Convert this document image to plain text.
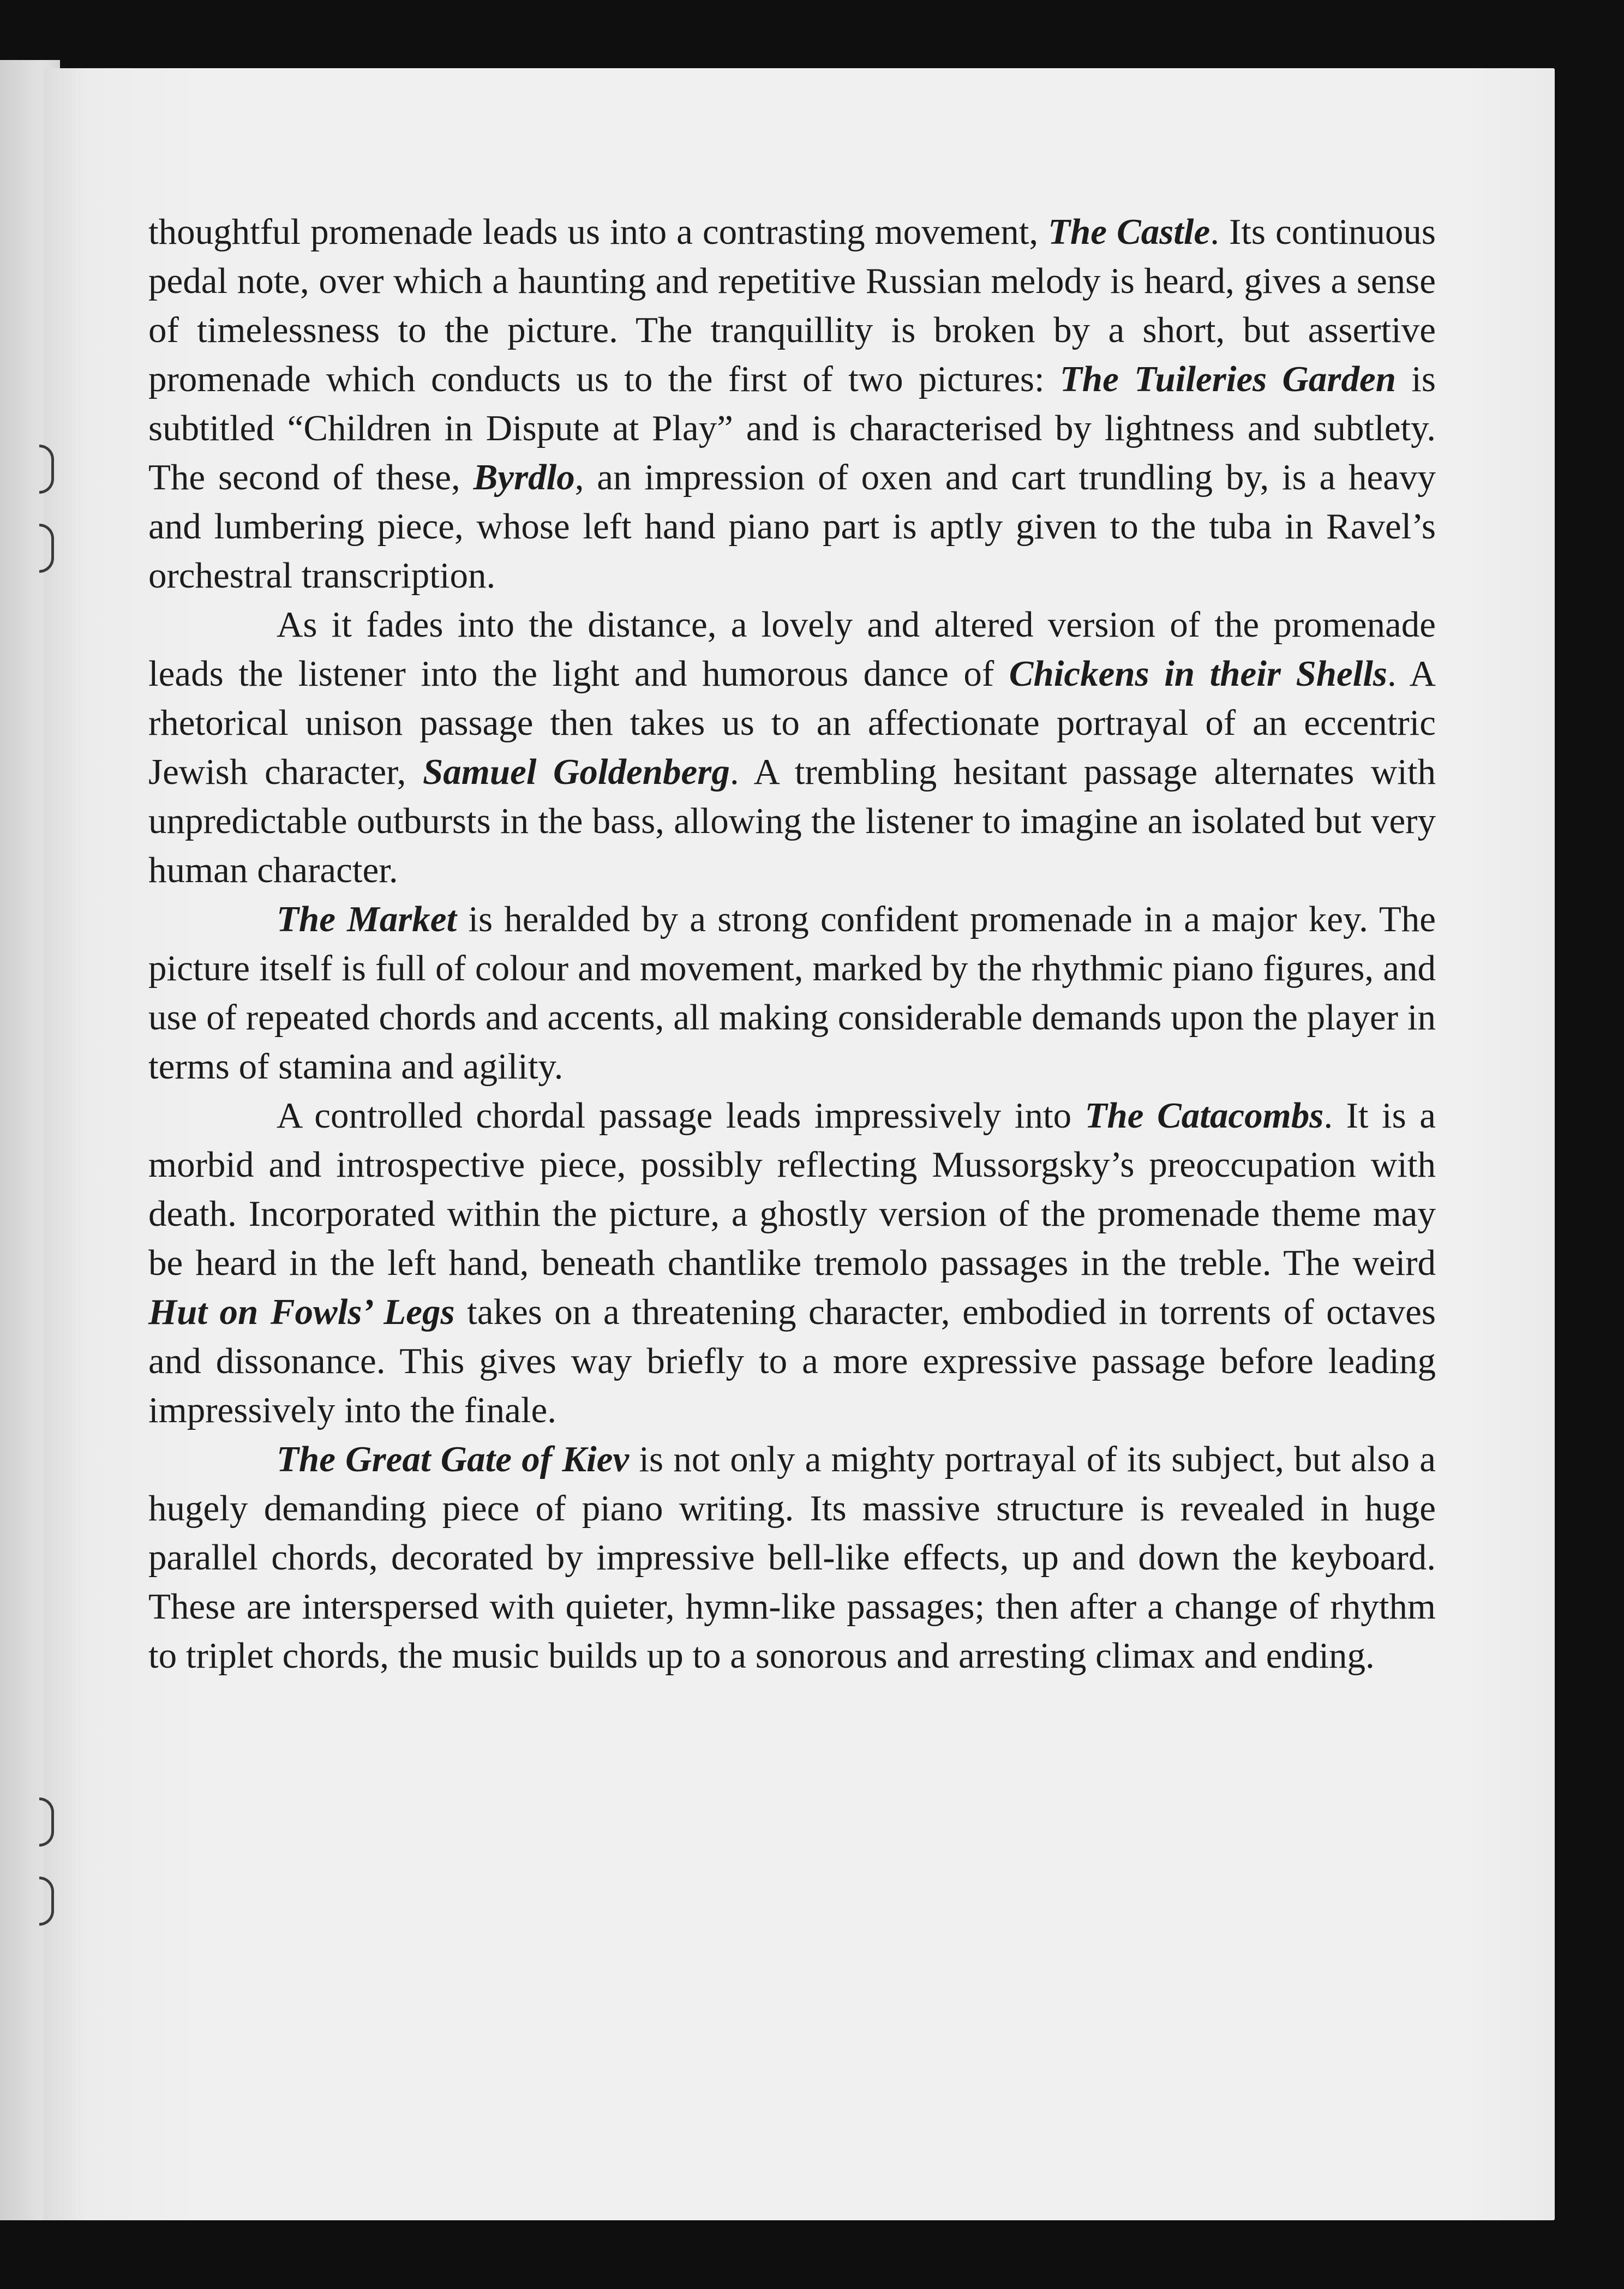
thoughtful promenade leads us into a contrasting movement, The Castle. Its continuous pedal note, over which a haunting and repetitive Russian melody is heard, gives a sense of timelessness to the picture. The tranquillity is broken by a short, but assertive promenade which conducts us to the first of two pictures: The Tuileries Garden is subtitled “Children in Dispute at Play” and is characterised by lightness and subtlety. The second of these, Byrdlo, an impression of oxen and cart trundling by, is a heavy and lumbering piece, whose left hand piano part is aptly given to the tuba in Ravel’s orchestral transcription.

As it fades into the distance, a lovely and altered version of the promenade leads the listener into the light and humorous dance of Chickens in their Shells. A rhetorical unison passage then takes us to an affectionate portrayal of an eccentric Jewish character, Samuel Goldenberg. A trembling hesitant passage alternates with unpredictable outbursts in the bass, allowing the listener to imagine an isolated but very human character.

The Market is heralded by a strong confident promenade in a major key. The picture itself is full of colour and movement, marked by the rhythmic piano figures, and use of repeated chords and accents, all making considerable demands upon the player in terms of stamina and agility.

A controlled chordal passage leads impressively into The Catacombs. It is a morbid and introspective piece, possibly reflecting Mussorgsky’s preoccupation with death. Incorporated within the picture, a ghostly version of the promenade theme may be heard in the left hand, beneath chantlike tremolo passages in the treble. The weird Hut on Fowls’ Legs takes on a threatening character, embodied in torrents of octaves and dissonance. This gives way briefly to a more expressive passage before leading impressively into the finale.

The Great Gate of Kiev is not only a mighty portrayal of its subject, but also a hugely demanding piece of piano writing. Its massive structure is revealed in huge parallel chords, decorated by impressive bell-like effects, up and down the keyboard. These are interspersed with quieter, hymn-like passages; then after a change of rhythm to triplet chords, the music builds up to a sonorous and arresting climax and ending.
